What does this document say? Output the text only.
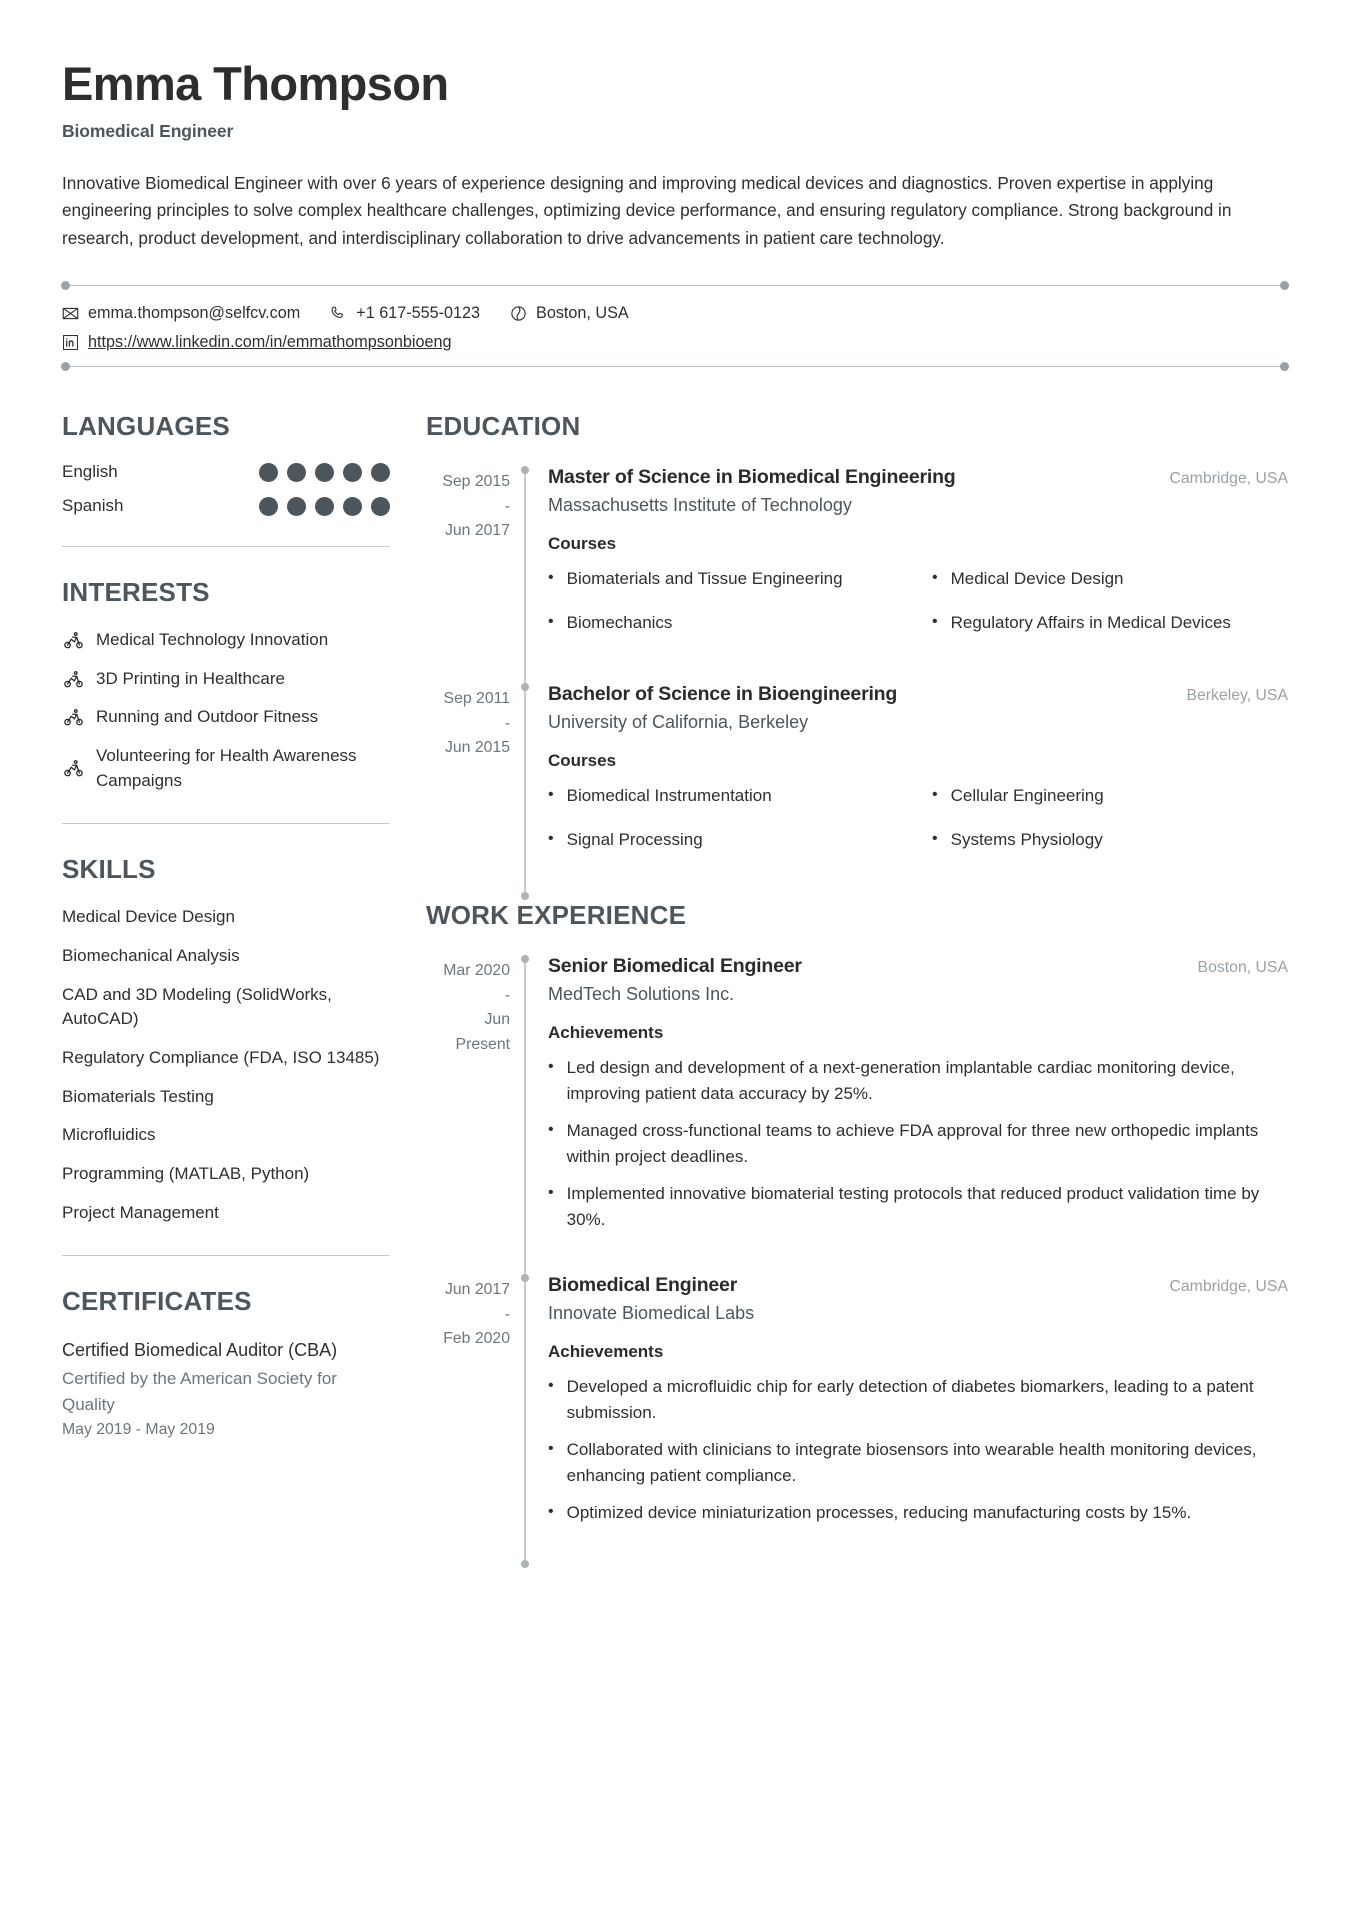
Emma Thompson
Biomedical Engineer
Innovative Biomedical Engineer with over 6 years of experience designing and improving medical devices and diagnostics. Proven expertise in applying engineering principles to solve complex healthcare challenges, optimizing device performance, and ensuring regulatory compliance. Strong background in research, product development, and interdisciplinary collaboration to drive advancements in patient care technology.
emma.thompson@selfcv.com	+1 617-555-0123	Boston, USA
https://www.linkedin.com/in/emmathompsonbioeng
LANGUAGES
English
Spanish
INTERESTS
Medical Technology Innovation
3D Printing in Healthcare
Running and Outdoor Fitness
Volunteering for Health Awareness Campaigns
SKILLS
Medical Device Design
Biomechanical Analysis
CAD and 3D Modeling (SolidWorks, AutoCAD)
Regulatory Compliance (FDA, ISO 13485)
Biomaterials Testing
Microfluidics
Programming (MATLAB, Python)
Project Management
CERTIFICATES
Certified Biomedical Auditor (CBA)
Certified by the American Society for Quality
May 2019 - May 2019
EDUCATION
Sep 2015
-
Jun 2017
Master of Science in Biomedical Engineering	Cambridge, USA
Massachusetts Institute of Technology
Courses
• Biomaterials and Tissue Engineering	• Medical Device Design
• Biomechanics	• Regulatory Affairs in Medical Devices
Sep 2011
-
Jun 2015
Bachelor of Science in Bioengineering	Berkeley, USA
University of California, Berkeley
Courses
• Biomedical Instrumentation	• Cellular Engineering
• Signal Processing	• Systems Physiology
WORK EXPERIENCE
Mar 2020
-
Jun Present
Senior Biomedical Engineer	Boston, USA
MedTech Solutions Inc.
Achievements
• Led design and development of a next-generation implantable cardiac monitoring device, improving patient data accuracy by 25%.
• Managed cross-functional teams to achieve FDA approval for three new orthopedic implants within project deadlines.
• Implemented innovative biomaterial testing protocols that reduced product validation time by 30%.
Jun 2017
-
Feb 2020
Biomedical Engineer	Cambridge, USA
Innovate Biomedical Labs
Achievements
• Developed a microfluidic chip for early detection of diabetes biomarkers, leading to a patent submission.
• Collaborated with clinicians to integrate biosensors into wearable health monitoring devices, enhancing patient compliance.
• Optimized device miniaturization processes, reducing manufacturing costs by 15%.
